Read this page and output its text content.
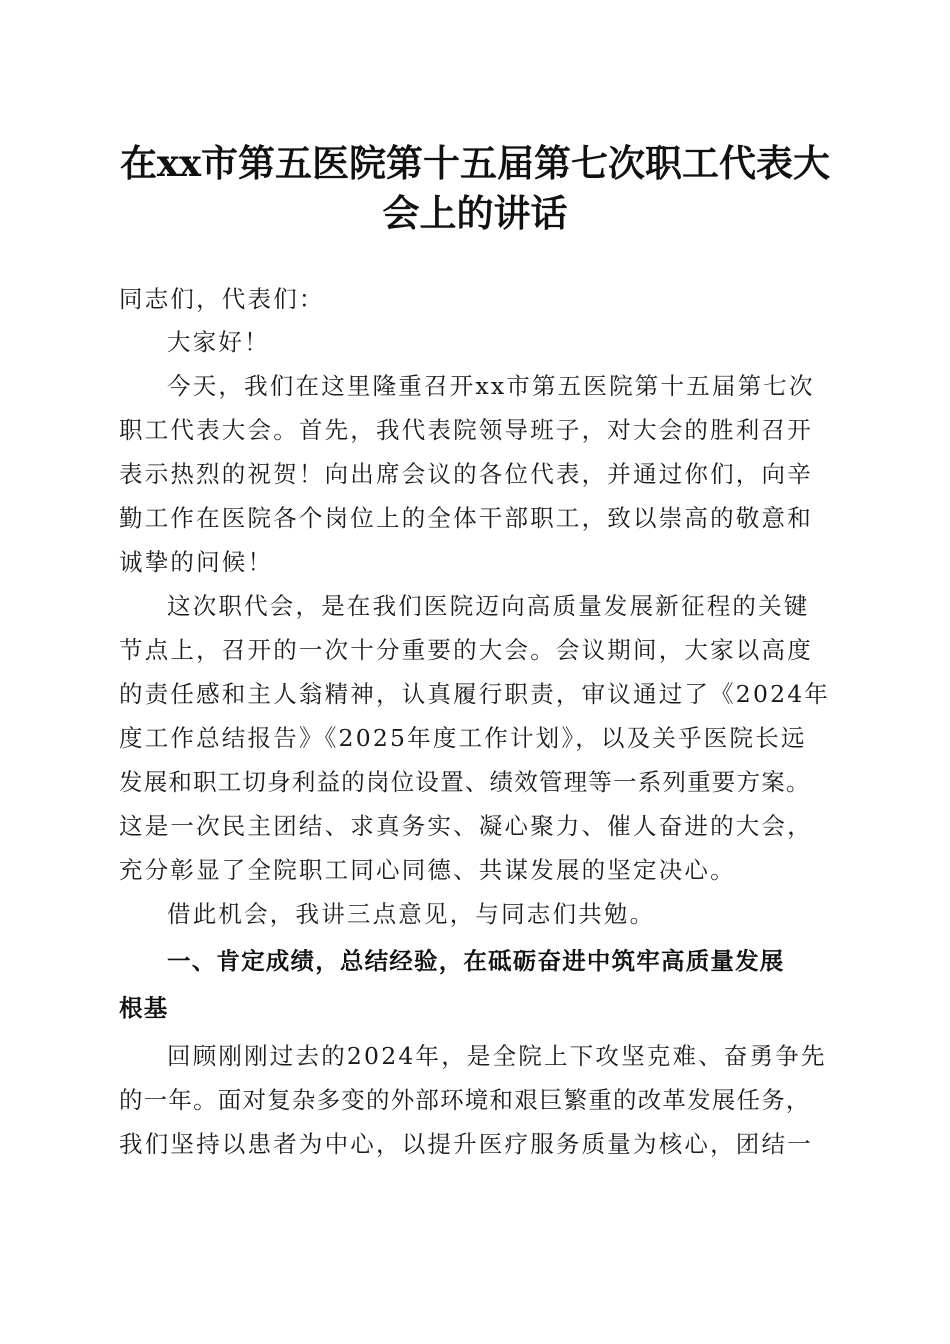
在xx市第五医院第十五届第七次职工代表大
会上的讲话

同志们，代表们：

大家好！

今天，我们在这里隆重召开xx市第五医院第十五届第七次

职工代表大会。首先，我代表院领导班子，对大会的胜利召开

表示热烈的祝贺！向出席会议的各位代表，并通过你们，向辛

勤工作在医院各个岗位上的全体干部职工，致以崇高的敬意和

诚挚的问候！

这次职代会，是在我们医院迈向高质量发展新征程的关键

节点上，召开的一次十分重要的大会。会议期间，大家以高度

的责任感和主人翁精神，认真履行职责，审议通过了《2024年

度工作总结报告》《2025年度工作计划》，以及关乎医院长远

发展和职工切身利益的岗位设置、绩效管理等一系列重要方案。

这是一次民主团结、求真务实、凝心聚力、催人奋进的大会，

充分彰显了全院职工同心同德、共谋发展的坚定决心。

借此机会，我讲三点意见，与同志们共勉。

一、肯定成绩，总结经验，在砥砺奋进中筑牢高质量发展

根基

回顾刚刚过去的2024年，是全院上下攻坚克难、奋勇争先

的一年。面对复杂多变的外部环境和艰巨繁重的改革发展任务，

我们坚持以患者为中心，以提升医疗服务质量为核心，团结一
